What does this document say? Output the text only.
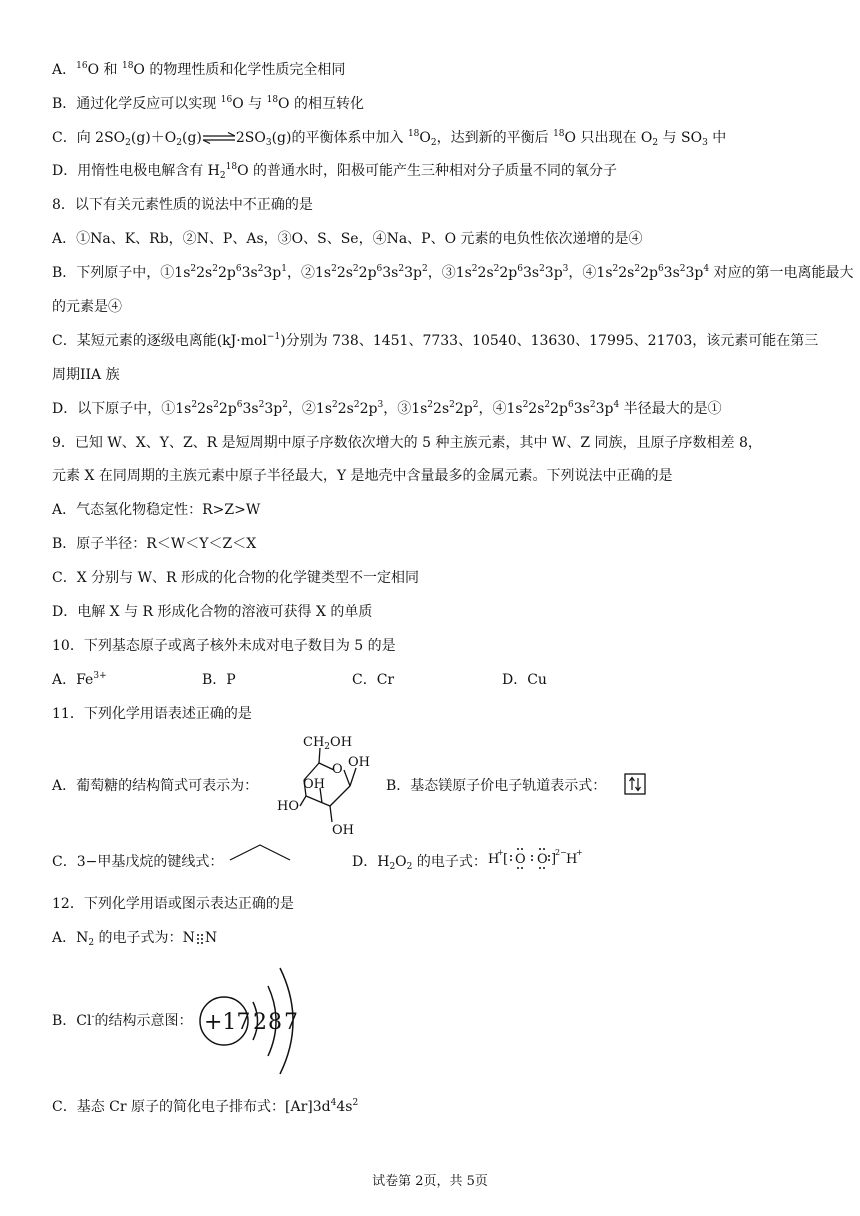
A．$^{16}$O 和 $^{18}$O 的物理性质和化学性质完全相同
B．通过化学反应可以实现 $^{16}$O 与 $^{18}$O 的相互转化
C．向 $2SO_2(g)+O_2(g)\rightleftharpoons 2SO_3(g)$的平衡体系中加入 $^{18}O_2$，达到新的平衡后 $^{18}$O 只出现在 $O_2$ 与 $SO_3$ 中
D．用惰性电极电解含有 $H_2^{18}O$ 的普通水时，阳极可能产生三种相对分子质量不同的氧分子
8．以下有关元素性质的说法中不正确的是
A．①Na、K、Rb，②N、P、As，③O、S、Se，④Na、P、O 元素的电负性依次递增的是④
B．下列原子中，$①1s^22s^22p^63s^23p^1$，$②1s^22s^22p^63s^23p^2$，$③1s^22s^22p^63s^23p^3$，$④1s^22s^22p^63s^23p^4$ 对应的第一电离能最大
的元素是④
C．某短元素的逐级电离能(kJ·mol$^{-1}$)分别为 738、1451、7733、10540、13630、17995、21703，该元素可能在第三
周期IIA 族
D．以下原子中，$①1s^22s^22p^63s^23p^2$，$②1s^22s^22p^3$，$③1s^22s^22p^2$，$④1s^22s^22p^63s^23p^4$ 半径最大的是①
9．已知 W、X、Y、Z、R 是短周期中原子序数依次增大的 5 种主族元素，其中 W、Z 同族，且原子序数相差 8，
元素 X 在同周期的主族元素中原子半径最大，Y 是地壳中含量最多的金属元素。下列说法中正确的是
A．气态氢化物稳定性：R>Z>W
B．原子半径：R＜W＜Y＜Z＜X
C．X 分别与 W、R 形成的化合物的化学键类型不一定相同
D．电解 X 与 R 形成化合物的溶液可获得 X 的单质
10．下列基态原子或离子核外未成对电子数目为 5 的是
A．$Fe^{3+}$	B．P	C．Cr	D．Cu
11．下列化学用语表述正确的是
A．葡萄糖的结构简式可表示为：
$CH_2OH$
OH
O OH
HO
OH
B．基态镁原子价电子轨道表示式：
C．3−甲基戊烷的键线式：	D．$H_2O_2$ 的电子式： H
+ [ O O ]
2− H
+
12．下列化学用语或图示表达正确的是
A．$N_2$ 的电子式为：N N
B．Cl-的结构示意图： +17 2 8 7
C．基态 Cr 原子的简化电子排布式：$[Ar]3d^44s^2$
试卷第 2页，共 5页
